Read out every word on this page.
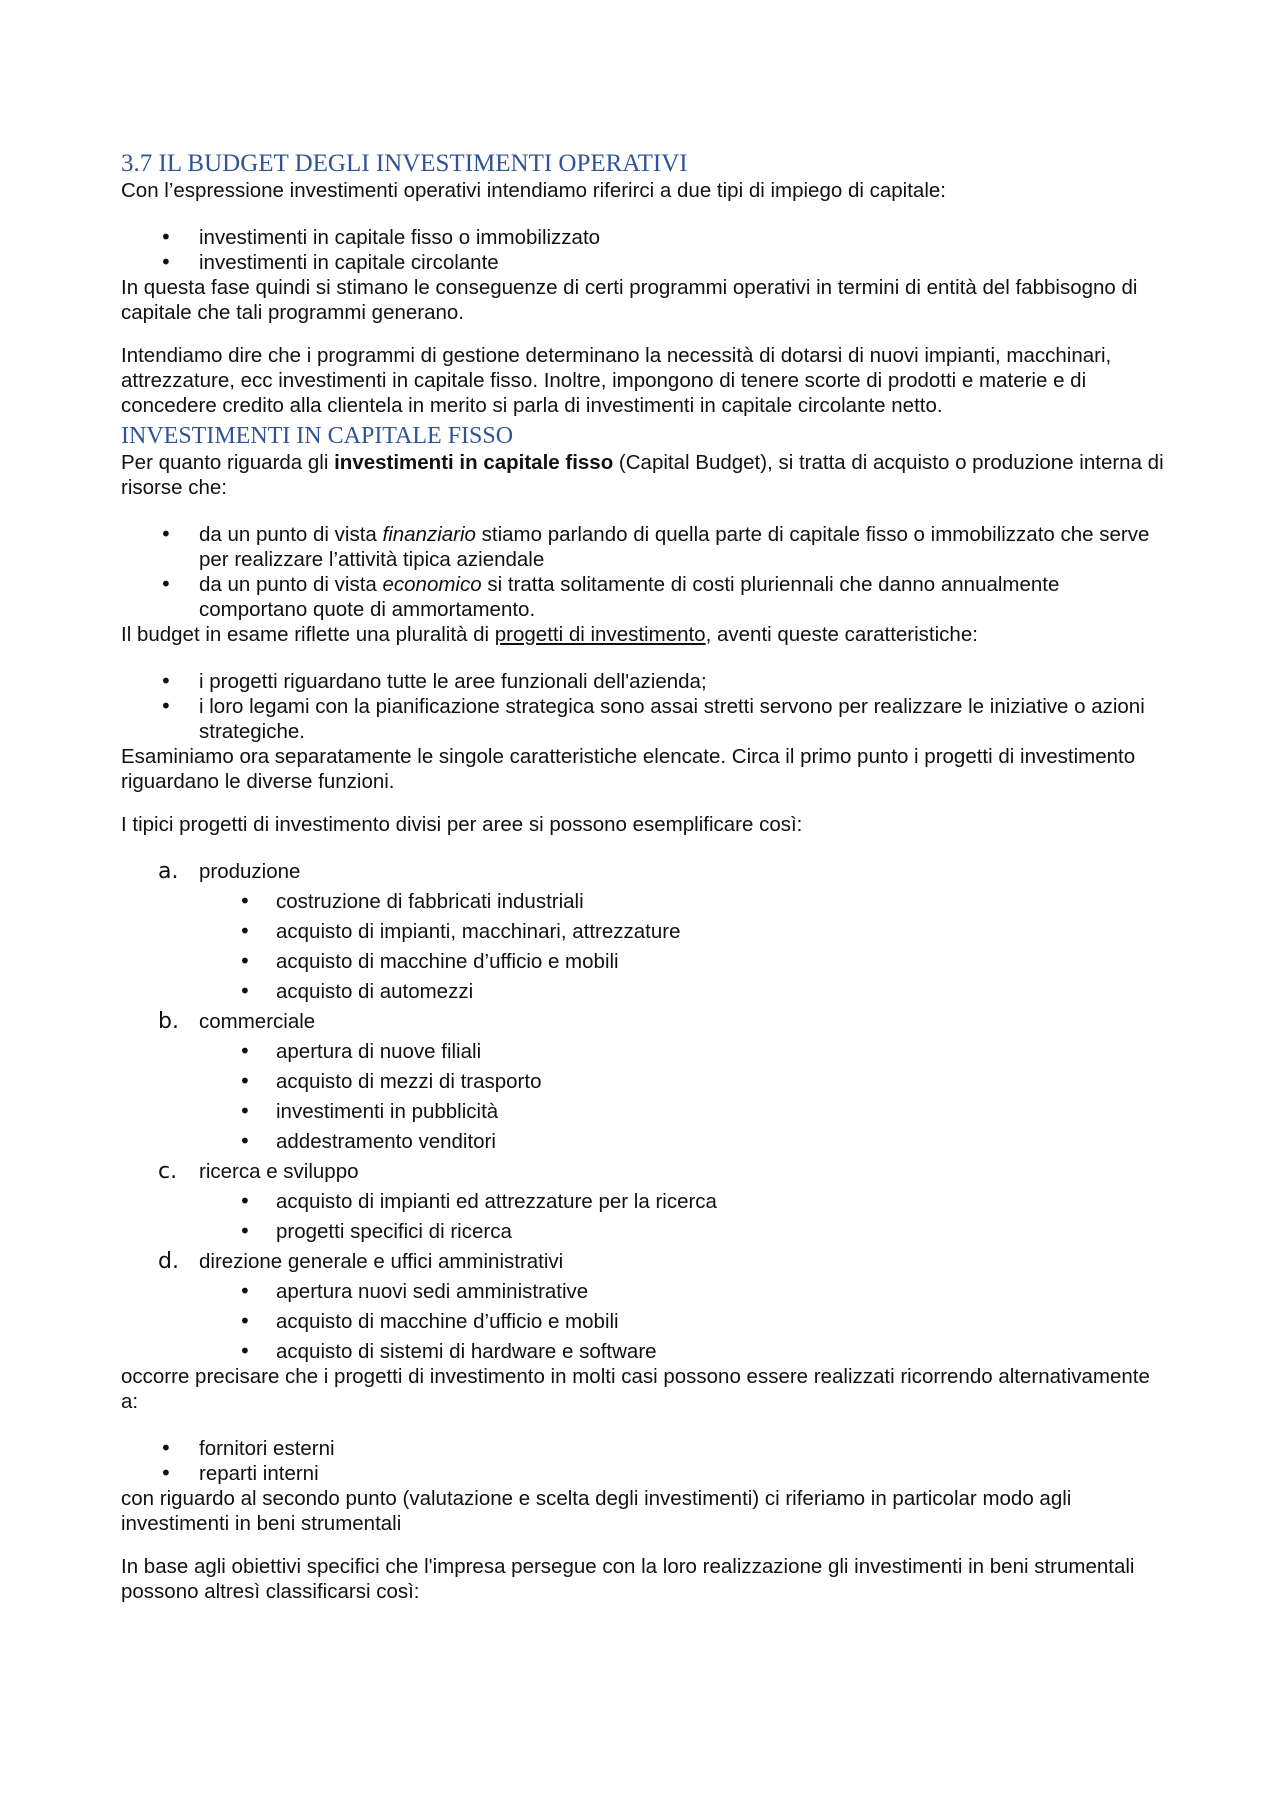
3.7 IL BUDGET DEGLI INVESTIMENTI OPERATIVI

Con l’espressione investimenti operativi intendiamo riferirci a due tipi di impiego di capitale:

• investimenti in capitale fisso o immobilizzato
• investimenti in capitale circolante

In questa fase quindi si stimano le conseguenze di certi programmi operativi in termini di entità del fabbisogno di capitale che tali programmi generano.

Intendiamo dire che i programmi di gestione determinano la necessità di dotarsi di nuovi impianti, macchinari, attrezzature, ecc investimenti in capitale fisso. Inoltre, impongono di tenere scorte di prodotti e materie e di concedere credito alla clientela in merito si parla di investimenti in capitale circolante netto.

INVESTIMENTI IN CAPITALE FISSO

Per quanto riguarda gli investimenti in capitale fisso (Capital Budget), si tratta di acquisto o produzione interna di risorse che:

• da un punto di vista finanziario stiamo parlando di quella parte di capitale fisso o immobilizzato che serve per realizzare l’attività tipica aziendale
• da un punto di vista economico si tratta solitamente di costi pluriennali che danno annualmente comportano quote di ammortamento.

Il budget in esame riflette una pluralità di progetti di investimento, aventi queste caratteristiche:

• i progetti riguardano tutte le aree funzionali dell'azienda;
• i loro legami con la pianificazione strategica sono assai stretti servono per realizzare le iniziative o azioni strategiche.

Esaminiamo ora separatamente le singole caratteristiche elencate. Circa il primo punto i progetti di investimento riguardano le diverse funzioni.

I tipici progetti di investimento divisi per aree si possono esemplificare così:

a. produzione
• costruzione di fabbricati industriali
• acquisto di impianti, macchinari, attrezzature
• acquisto di macchine d’ufficio e mobili
• acquisto di automezzi
b. commerciale
• apertura di nuove filiali
• acquisto di mezzi di trasporto
• investimenti in pubblicità
• addestramento venditori
c. ricerca e sviluppo
• acquisto di impianti ed attrezzature per la ricerca
• progetti specifici di ricerca
d. direzione generale e uffici amministrativi
• apertura nuovi sedi amministrative
• acquisto di macchine d’ufficio e mobili
• acquisto di sistemi di hardware e software

occorre precisare che i progetti di investimento in molti casi possono essere realizzati ricorrendo alternativamente a:

• fornitori esterni
• reparti interni

con riguardo al secondo punto (valutazione e scelta degli investimenti) ci riferiamo in particolar modo agli investimenti in beni strumentali

In base agli obiettivi specifici che l'impresa persegue con la loro realizzazione gli investimenti in beni strumentali possono altresì classificarsi così:
